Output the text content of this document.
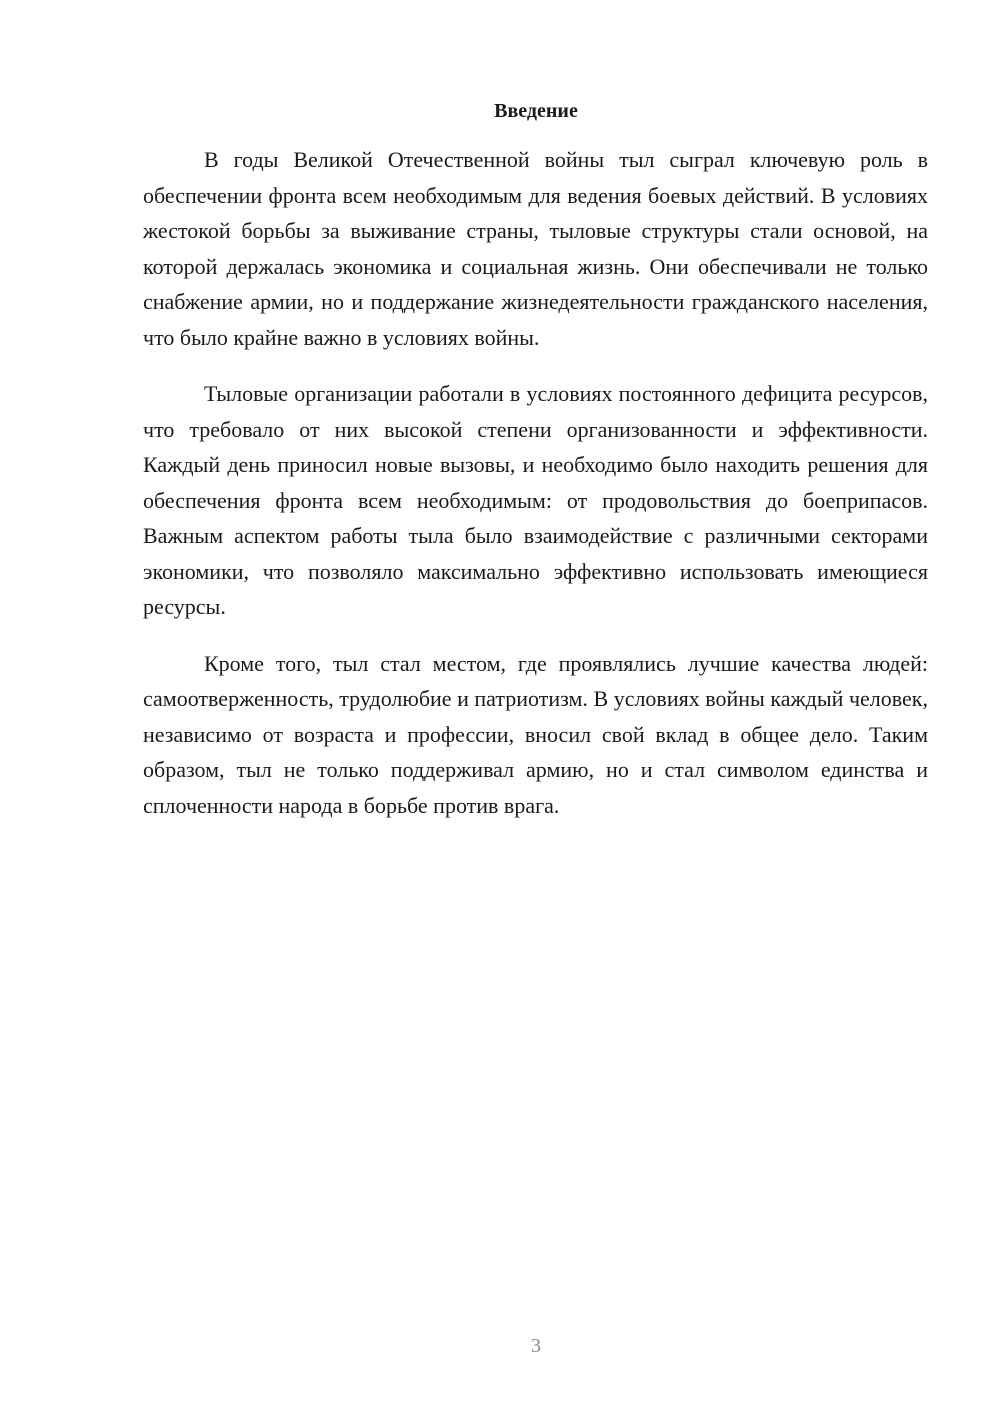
Введение

В годы Великой Отечественной войны тыл сыграл ключевую роль в обеспечении фронта всем необходимым для ведения боевых действий. В условиях жестокой борьбы за выживание страны, тыловые структуры стали основой, на которой держалась экономика и социальная жизнь. Они обеспечивали не только снабжение армии, но и поддержание жизнедеятельности гражданского населения, что было крайне важно в условиях войны.

Тыловые организации работали в условиях постоянного дефицита ресурсов, что требовало от них высокой степени организованности и эффективности. Каждый день приносил новые вызовы, и необходимо было находить решения для обеспечения фронта всем необходимым: от продовольствия до боеприпасов. Важным аспектом работы тыла было взаимодействие с различными секторами экономики, что позволяло максимально эффективно использовать имеющиеся ресурсы.

Кроме того, тыл стал местом, где проявлялись лучшие качества людей: самоотверженность, трудолюбие и патриотизм. В условиях войны каждый человек, независимо от возраста и профессии, вносил свой вклад в общее дело. Таким образом, тыл не только поддерживал армию, но и стал символом единства и сплоченности народа в борьбе против врага.

3
